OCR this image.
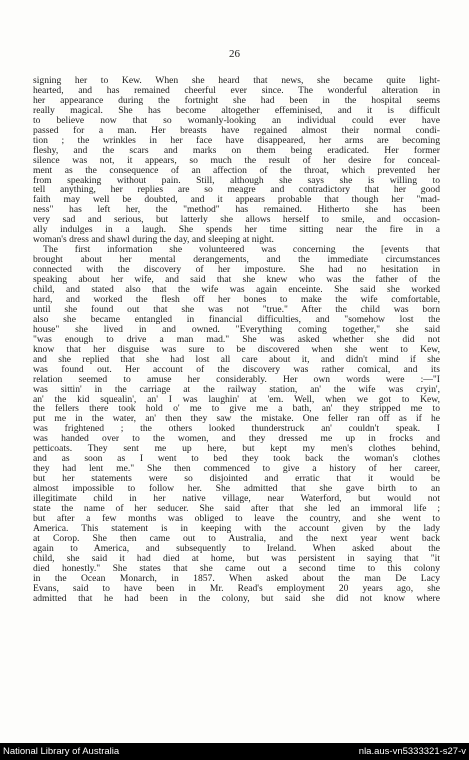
26
signing her to Kew. When she heard that news, she became quite light-
hearted, and has remained cheerful ever since. The wonderful alteration in
her appearance during the fortnight she had been in the hospital seems
really magical. She has become altogether effeminised, and it is difficult
to believe now that so womanly-looking an individual could ever have
passed for a man. Her breasts have regained almost their normal condi-
tion ; the wrinkles in her face have disappeared, her arms are becoming
fleshy, and the scars and marks on them being eradicated. Her former
silence was not, it appears, so much the result of her desire for conceal-
ment as the consequence of an affection of the throat, which prevented her
from speaking without pain. Still, although she says she is willing to
tell anything, her replies are so meagre and contradictory that her good
faith may well be doubted, and it appears probable that though her "mad-
ness" has left her, the "method" has remained. Hitherto she has been
very sad and serious, but latterly she allows herself to smile, and occasion-
ally indulges in a laugh. She spends her time sitting near the fire in a
woman's dress and shawl during the day, and sleeping at night.
The first information she volunteered was concerning the [events that
brought about her mental derangements, and the immediate circumstances
connected with the discovery of her imposture. She had no hesitation in
speaking about her wife, and said that she knew who was the father of the
child, and stated also that the wife was again enceinte. She said she worked
hard, and worked the flesh off her bones to make the wife comfortable,
until she found out that she was not "true." After the child was born
also she became entangled in financial difficulties, and "somehow lost the
house" she lived in and owned. "Everything coming together," she said
"was enough to drive a man mad." She was asked whether she did not
know that her disguise was sure to be discovered when she went to Kew,
and she replied that she had lost all care about it, and didn't mind if she
was found out. Her account of the discovery was rather comical, and its
relation seemed to amuse her considerably. Her own words were :—"I
was sittin' in the carriage at the railway station, an' the wife was cryin',
an' the kid squealin', an' I was laughin' at 'em. Well, when we got to Kew,
the fellers there took hold o' me to give me a bath, an' they stripped me to
put me in the water, an' then they saw the mistake. One feller ran off as if he
was frightened ; the others looked thunderstruck an' couldn't speak. I
was handed over to the women, and they dressed me up in frocks and
petticoats. They sent me up here, but kept my men's clothes behind,
and as soon as I went to bed they took back the woman's clothes
they had lent me." She then commenced to give a history of her career,
but her statements were so disjointed and erratic that it would be
almost impossible to follow her. She admitted that she gave birth to an
illegitimate child in her native village, near Waterford, but would not
state the name of her seducer. She said after that she led an immoral life ;
but after a few months was obliged to leave the country, and she went to
America. This statement is in keeping with the account given by the lady
at Corop. She then came out to Australia, and the next year went back
again to America, and subsequently to Ireland. When asked about the
child, she said it had died at home, but was persistent in saying that "it
died honestly." She states that she came out a second time to this colony
in the Ocean Monarch, in 1857. When asked about the man De Lacy
Evans, said to have been in Mr. Read's employment 20 years ago, she
admitted that he had been in the colony, but said she did not know where
National Library of Australia	nla.aus-vn5333321-s27-v
